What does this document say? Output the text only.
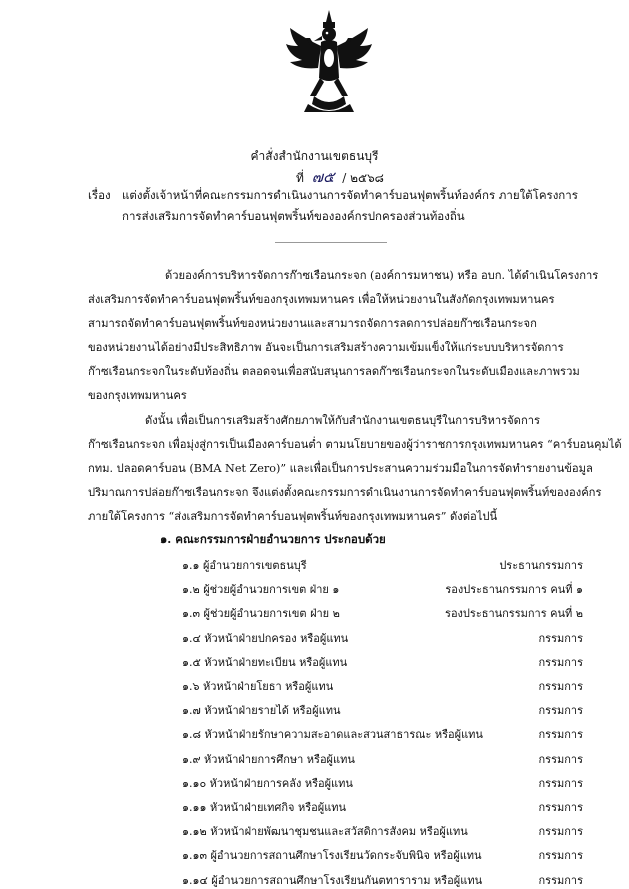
คำสั่งสำนักงานเขตธนบุรี
ที่ ๗๕ / ๒๕๖๘
เรื่อง แต่งตั้งเจ้าหน้าที่คณะกรรมการดำเนินงานการจัดทำคาร์บอนฟุตพริ้นท์องค์กร ภายใต้โครงการ
การส่งเสริมการจัดทำคาร์บอนฟุตพริ้นท์ขององค์กรปกครองส่วนท้องถิ่น
ด้วยองค์การบริหารจัดการก๊าซเรือนกระจก (องค์การมหาชน) หรือ อบก. ได้ดำเนินโครงการ
ส่งเสริมการจัดทำคาร์บอนฟุตพริ้นท์ของกรุงเทพมหานคร เพื่อให้หน่วยงานในสังกัดกรุงเทพมหานคร
สามารถจัดทำคาร์บอนฟุตพริ้นท์ของหน่วยงานและสามารถจัดการลดการปล่อยก๊าซเรือนกระจก
ของหน่วยงานได้อย่างมีประสิทธิภาพ อันจะเป็นการเสริมสร้างความเข้มแข็งให้แก่ระบบบริหารจัดการ
ก๊าซเรือนกระจกในระดับท้องถิ่น ตลอดจนเพื่อสนับสนุนการลดก๊าซเรือนกระจกในระดับเมืองและภาพรวม
ของกรุงเทพมหานคร
ดังนั้น เพื่อเป็นการเสริมสร้างศักยภาพให้กับสำนักงานเขตธนบุรีในการบริหารจัดการ
ก๊าซเรือนกระจก เพื่อมุ่งสู่การเป็นเมืองคาร์บอนต่ำ ตามนโยบายของผู้ว่าราชการกรุงเทพมหานคร “คาร์บอนคุมได้
กทม. ปลอดคาร์บอน (BMA Net Zero)” และเพื่อเป็นการประสานความร่วมมือในการจัดทำรายงานข้อมูล
ปริมาณการปล่อยก๊าซเรือนกระจก จึงแต่งตั้งคณะกรรมการดำเนินงานการจัดทำคาร์บอนฟุตพริ้นท์ขององค์กร
ภายใต้โครงการ “ส่งเสริมการจัดทำคาร์บอนฟุตพริ้นท์ของกรุงเทพมหานคร” ดังต่อไปนี้
๑. คณะกรรมการฝ่ายอำนวยการ ประกอบด้วย
๑.๑ ผู้อำนวยการเขตธนบุรี	ประธานกรรมการ
๑.๒ ผู้ช่วยผู้อำนวยการเขต ฝ่าย ๑	รองประธานกรรมการ คนที่ ๑
๑.๓ ผู้ช่วยผู้อำนวยการเขต ฝ่าย ๒	รองประธานกรรมการ คนที่ ๒
๑.๔ หัวหน้าฝ่ายปกครอง หรือผู้แทน	กรรมการ
๑.๕ หัวหน้าฝ่ายทะเบียน หรือผู้แทน	กรรมการ
๑.๖ หัวหน้าฝ่ายโยธา หรือผู้แทน	กรรมการ
๑.๗ หัวหน้าฝ่ายรายได้ หรือผู้แทน	กรรมการ
๑.๘ หัวหน้าฝ่ายรักษาความสะอาดและสวนสาธารณะ หรือผู้แทน	กรรมการ
๑.๙ หัวหน้าฝ่ายการศึกษา หรือผู้แทน	กรรมการ
๑.๑๐ หัวหน้าฝ่ายการคลัง หรือผู้แทน	กรรมการ
๑.๑๑ หัวหน้าฝ่ายเทศกิจ หรือผู้แทน	กรรมการ
๑.๑๒ หัวหน้าฝ่ายพัฒนาชุมชนและสวัสดิการสังคม หรือผู้แทน	กรรมการ
๑.๑๓ ผู้อำนวยการสถานศึกษาโรงเรียนวัดกระจับพินิจ หรือผู้แทน	กรรมการ
๑.๑๔ ผู้อำนวยการสถานศึกษาโรงเรียนกันตทาราราม หรือผู้แทน	กรรมการ
